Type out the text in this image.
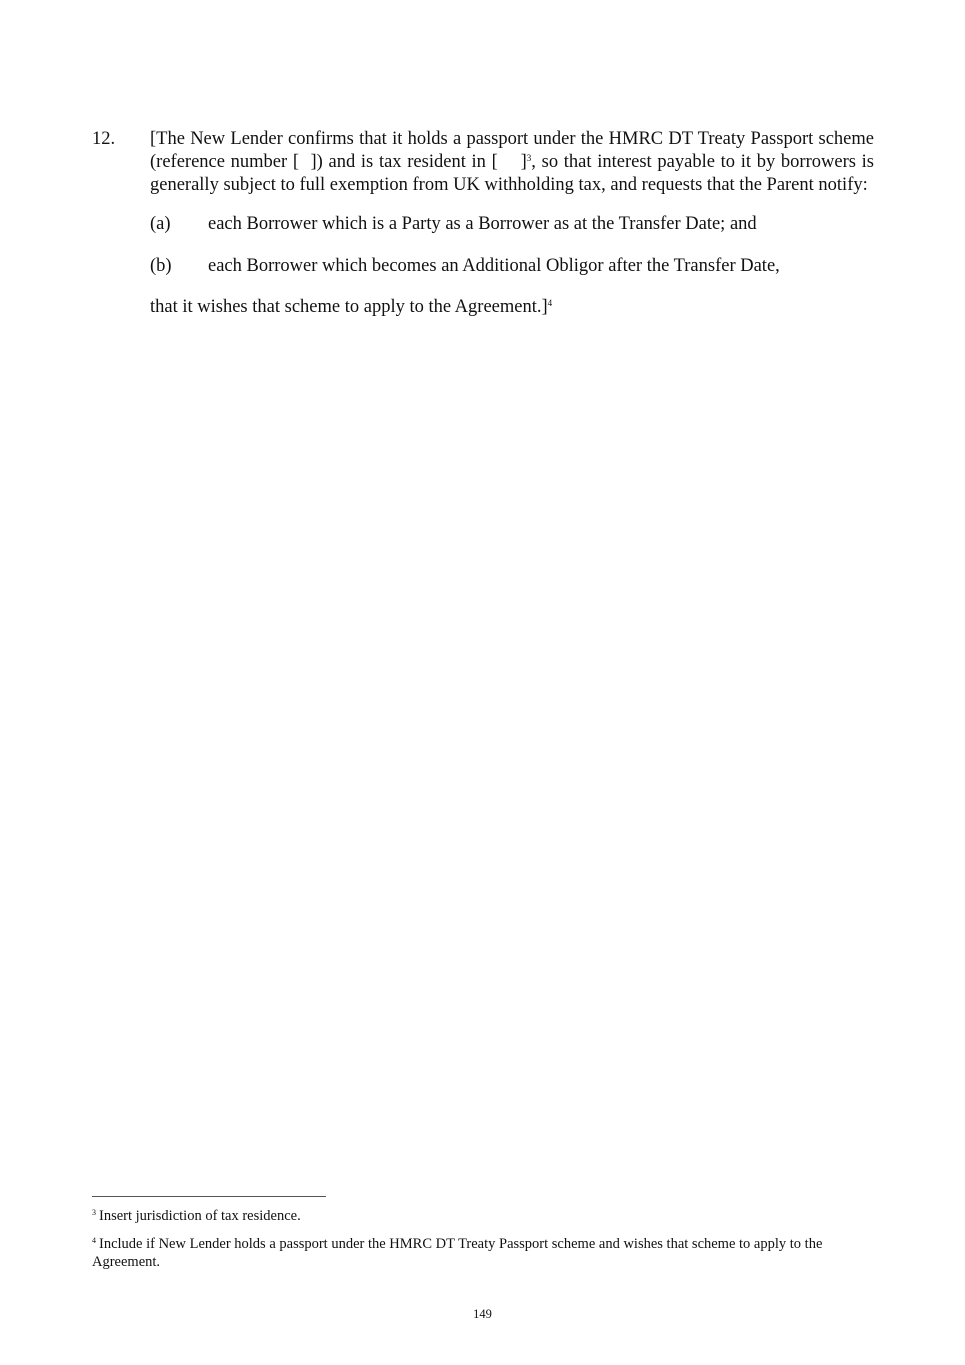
12. [The New Lender confirms that it holds a passport under the HMRC DT Treaty Passport scheme (reference number [  ]) and is tax resident in [    ]$^3$, so that interest payable to it by borrowers is generally subject to full exemption from UK withholding tax, and requests that the Parent notify:
(a) each Borrower which is a Party as a Borrower as at the Transfer Date; and
(b) each Borrower which becomes an Additional Obligor after the Transfer Date,
that it wishes that scheme to apply to the Agreement.]$^4$
$^3$ Insert jurisdiction of tax residence.
$^4$ Include if New Lender holds a passport under the HMRC DT Treaty Passport scheme and wishes that scheme to apply to the Agreement.
149
